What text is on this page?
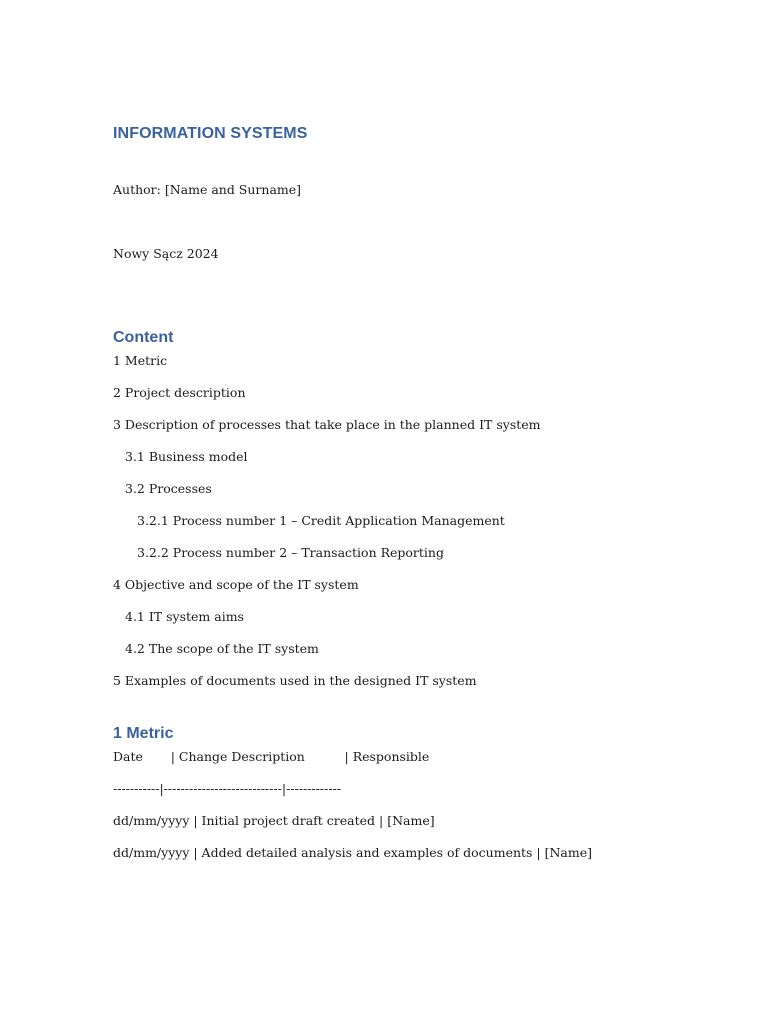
INFORMATION SYSTEMS

Author: [Name and Surname]

Nowy Sącz 2024

Content
1 Metric
2 Project description
3 Description of processes that take place in the planned IT system
3.1 Business model
3.2 Processes
3.2.1 Process number 1 – Credit Application Management
3.2.2 Process number 2 – Transaction Reporting
4 Objective and scope of the IT system
4.1 IT system aims
4.2 The scope of the IT system
5 Examples of documents used in the designed IT system
1 Metric
Date       | Change Description          | Responsible
-----------|----------------------------|-------------
dd/mm/yyyy | Initial project draft created | [Name]
dd/mm/yyyy | Added detailed analysis and examples of documents | [Name]
